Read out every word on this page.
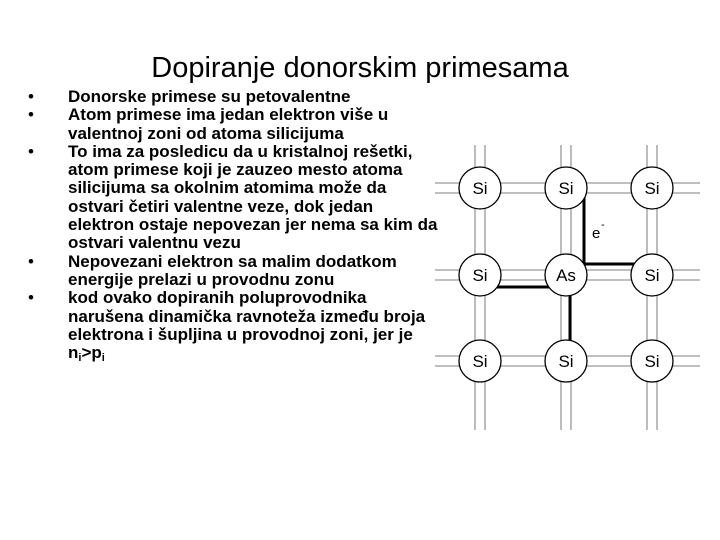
Dopiranje donorskim primesama
• Donorske primese su petovalentne
• Atom primese ima jedan elektron više u valentnoj zoni od atoma silicijuma
• To ima za posledicu da u kristalnoj rešetki, atom primese koji je zauzeo mesto atoma silicijuma sa okolnim atomima može da ostvari četiri valentne veze, dok jedan elektron ostaje nepovezan jer nema sa kim da ostvari valentnu vezu
• Nepovezani elektron sa malim dodatkom energije prelazi u provodnu zonu
• kod ovako dopiranih poluprovodnika narušena dinamička ravnoteža između broja elektrona i šupljina u provodnoj zoni, jer je $n_i>p_i$
Si	Si	Si
Si	As	Si
Si	Si	Si
e -
